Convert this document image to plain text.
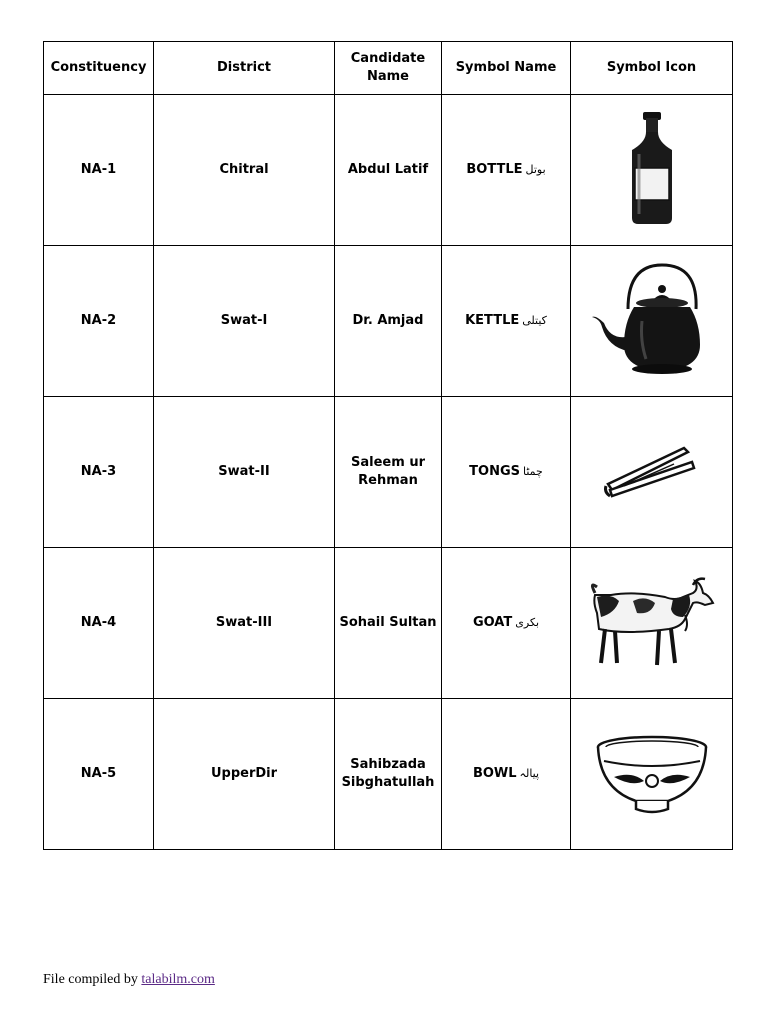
Constituency	District	Candidate Name	Symbol Name	Symbol Icon
NA-1	Chitral	Abdul Latif	BOTTLE بوتل	

NA-2	Swat-I	Dr. Amjad	KETTLE کیتلی	

NA-3	Swat-II	Saleem ur Rehman	TONGS چمٹا	

NA-4	Swat-III	Sohail Sultan	GOAT بکری	

NA-5	UpperDir	Sahibzada Sibghatullah	BOWL پیالہ	
File compiled by talabilm.com
